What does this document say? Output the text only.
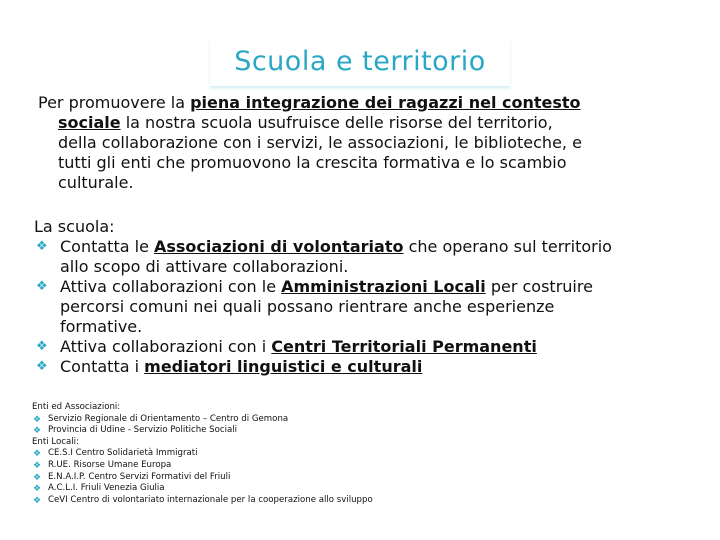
Scuola e territorio
Per promuovere la piena integrazione dei ragazzi nel contesto
sociale la nostra scuola usufruisce delle risorse del territorio,
della collaborazione con i servizi, le associazioni, le biblioteche, e
tutti gli enti che promuovono la crescita formativa e lo scambio
culturale.
La scuola:
❖ Contatta le Associazioni di volontariato che operano sul territorio
allo scopo di attivare collaborazioni.
❖ Attiva collaborazioni con le Amministrazioni Locali per costruire
percorsi comuni nei quali possano rientrare anche esperienze
formative.
❖ Attiva collaborazioni con i Centri Territoriali Permanenti
❖ Contatta i mediatori linguistici e culturali
Enti ed Associazioni:
❖ Servizio Regionale di Orientamento – Centro di Gemona
❖ Provincia di Udine - Servizio Politiche Sociali
Enti Locali:
❖ CE.S.I Centro Solidarietà Immigrati
❖ R.UE. Risorse Umane Europa
❖ E.N.A.I.P. Centro Servizi Formativi del Friuli
❖ A.C.L.I. Friuli Venezia Giulia
❖ CeVI Centro di volontariato internazionale per la cooperazione allo sviluppo
